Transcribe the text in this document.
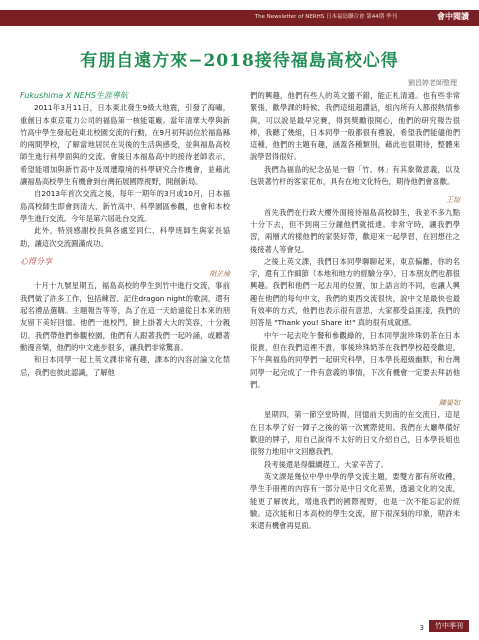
The Newsletter of NERHS 日本福島聯合會 第44期 季刊	會中閱讀
有朋自遠方來−2018接待福島高校心得
劉昌婷老師整理
Fukushima X NEHS生涯導航

2011年3月11日，日本東北發生9級大地震，引發了海嘯，重創日本東京電力公司的福島第一核能電廠。當年清華大學與新竹高中學生發起赴東北校園交流的行動，在9月初拜訪位於福島縣的兩間學校，了解當地居民在災後的生活與感受，並與福島高校師生進行科學面與的交流。會後日本福島高中的接待老師表示，希望能增加與新竹高中及周遭環境的科學研究合作機會，並藉此讓福島高校學生有機會到台灣拓展國際視野，開創新局。

自2013年首次交流之後，每年一期年的3月或10月，日本福島高校師生即會到清大、新竹高中、科學園區參觀，也會和本校學生進行交流。今年是第六屆赴台交流。

此外，特別感謝校長與各處室同仁、科學班師生與家長協助，讓這次交流圓滿成功。

心得分享
胡芷瑜

十月十九號星期五，福島高校的學生到竹中進行交流，事前我們做了許多工作，包括練習、記住dragon night的歌詞，還有起名禮品選購。主題報告等等，為了在這一天給遠從日本來的朋友留下美好回憶。他們一進校門，臉上掛著大大的笑容，十分親切。我們帶他們參觀校園，他們有人跟著我們一起吟誦，或聽著動漫音樂，他們的中文進步很多，讓我們非常驚喜。

和日本同學一起上英文課非常有趣，課本的內容討論文化禁忌，我們也彼此認識，了解他

們的興趣，他們有些人的英文蠻不錯，能正札清通。也有些非常緊張，歡學課的時候，我們這組超讚話，組內所有人都很熱情參與，可以說是最早完賽，得到獎勵很開心，他們的研究報告很棒，我聽了幾組，日本同學一般都很有禮貌，希望我們能儘他們這種，他們的主題有趣，涵蓋各種類別，藉此也很期待，整體來說學習得很好。

我們為福島的紀念品是一個「竹、林」有其象徵意義，以及包裝著竹杆的客家花布，具有在地文化特色，期待他們會喜歡。

王瑄

首先我們在行政大樓外面接待福島高校師生，我並不多九點十分下去，但不到兩三分鐘他們就抵達。非常守時，讓我們學習，兩層式的樣他們的家裝好帶，歡迎來一起學習，在回想往之後接著人等會兒。

之後上英文課，我們日本同學聊聊起來，東京偏離，你的名字，還有工作細節（本地和地方的經驗分享），日本朋友們也都很興趣。我們和他們一起去用的位置，加上語言的不同，也讓人興趣在他們的每句中文，我們的東西交流很快，說中文是最快也最有效率的方式，他們也表示很有意思，大家都受益匪淺，我們的回答是 "Thank you! Share it!" 真的很有成就感。

中午一起去吃午餐和參觀綠的，日本同學說珍珠奶茶在日本很貴，但在我們這裡不貴，事後珍珠奶茶在我們學校超受歡迎，下午與福島的同學們一起研究科學，日本學長超級幽默，和台灣同學一起完成了一件有意義的事情，下次有機會一定要去拜訪他們。

陳晏如

星期四，第一節空堂時間，回憶前天到南的在交流日，這是在日本學了好一陣子之後的第一次實際使用。我們在大廳準備好歡迎的牌子，用自己說得不太好的日文介紹自己，日本學長姐也很努力地用中文回應我們。

段考後還是得繼續趕工，大家辛苦了。

英文課是幾位中學中學的學交流主題，要雙方都有所收穫，學生手冊裡的內容有一部分是中日文化差異，透過文化的交流，能更了解彼此，增進我們的國際視野，也是一次不能忘記的經驗。這次能和日本高校的學生交流，留下很深刻的印象，期許未來還有機會再見面。

3	竹中季刊
